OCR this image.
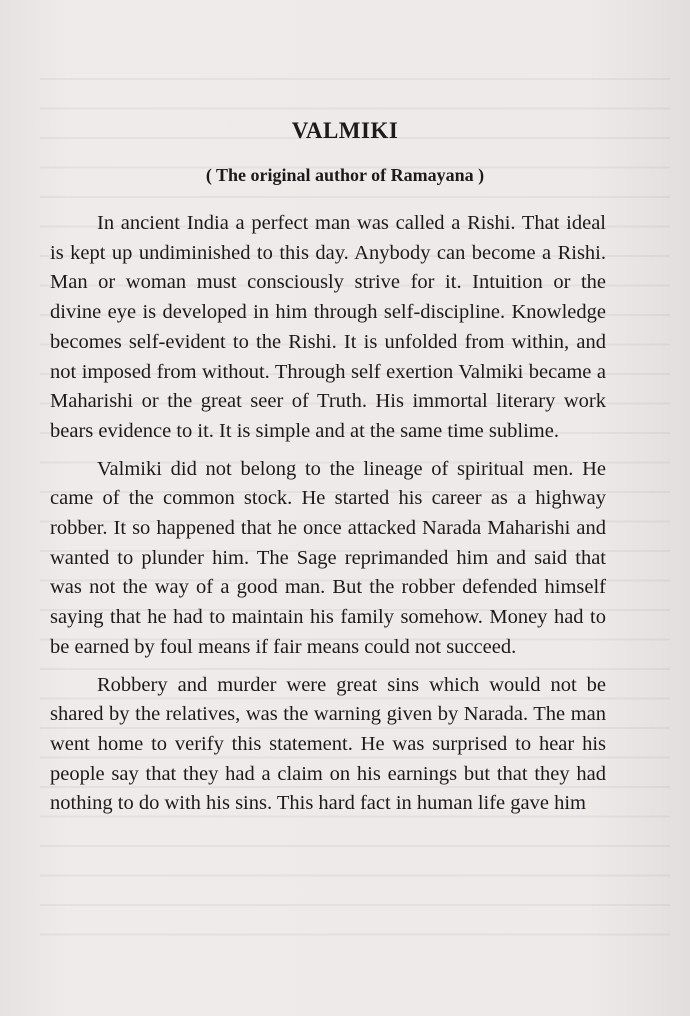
VALMIKI
( The original author of Ramayana )

In ancient India a perfect man was called a Rishi. That ideal is kept up undiminished to this day. Anybody can become a Rishi. Man or woman must consciously strive for it. Intuition or the divine eye is developed in him through self-discipline. Knowledge becomes self-evident to the Rishi. It is unfolded from within, and not imposed from without. Through self exertion Valmiki became a Maharishi or the great seer of Truth. His immortal literary work bears evidence to it. It is simple and at the same time sublime.

Valmiki did not belong to the lineage of spiritual men. He came of the common stock. He started his career as a highway robber. It so happened that he once attacked Narada Maharishi and wanted to plunder him. The Sage reprimanded him and said that was not the way of a good man. But the robber defended himself saying that he had to maintain his family somehow. Money had to be earned by foul means if fair means could not succeed.

Robbery and murder were great sins which would not be shared by the relatives, was the warning given by Narada. The man went home to verify this statement. He was surprised to hear his people say that they had a claim on his earnings but that they had nothing to do with his sins. This hard fact in human life gave him
